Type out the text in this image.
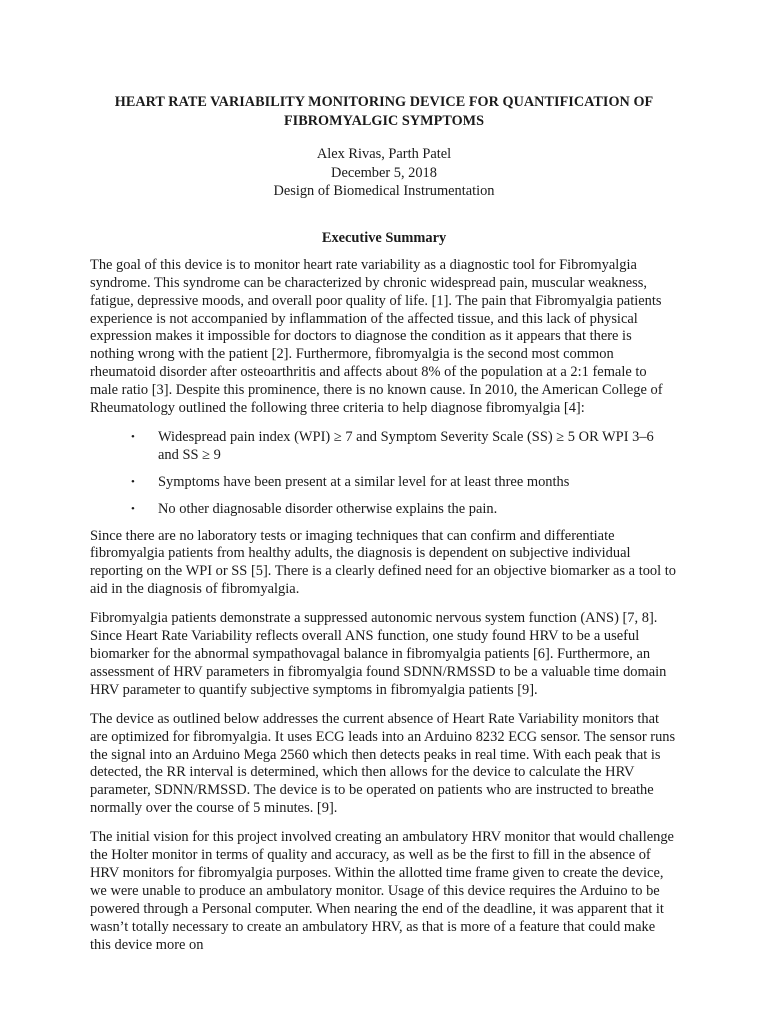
HEART RATE VARIABILITY MONITORING DEVICE FOR QUANTIFICATION OF FIBROMYALGIC SYMPTOMS
Alex Rivas, Parth Patel
December 5, 2018
Design of Biomedical Instrumentation
Executive Summary

The goal of this device is to monitor heart rate variability as a diagnostic tool for Fibromyalgia syndrome. This syndrome can be characterized by chronic widespread pain, muscular weakness, fatigue, depressive moods, and overall poor quality of life. [1]. The pain that Fibromyalgia patients experience is not accompanied by inflammation of the affected tissue, and this lack of physical expression makes it impossible for doctors to diagnose the condition as it appears that there is nothing wrong with the patient [2]. Furthermore, fibromyalgia is the second most common rheumatoid disorder after osteoarthritis and affects about 8% of the population at a 2:1 female to male ratio [3]. Despite this prominence, there is no known cause. In 2010, the American College of Rheumatology outlined the following three criteria to help diagnose fibromyalgia [4]:

• Widespread pain index (WPI) ≥ 7 and Symptom Severity Scale (SS) ≥ 5 OR WPI 3–6 and SS ≥ 9
• Symptoms have been present at a similar level for at least three months
• No other diagnosable disorder otherwise explains the pain.

Since there are no laboratory tests or imaging techniques that can confirm and differentiate fibromyalgia patients from healthy adults, the diagnosis is dependent on subjective individual reporting on the WPI or SS [5]. There is a clearly defined need for an objective biomarker as a tool to aid in the diagnosis of fibromyalgia.

Fibromyalgia patients demonstrate a suppressed autonomic nervous system function (ANS) [7, 8]. Since Heart Rate Variability reflects overall ANS function, one study found HRV to be a useful biomarker for the abnormal sympathovagal balance in fibromyalgia patients [6]. Furthermore, an assessment of HRV parameters in fibromyalgia found SDNN/RMSSD to be a valuable time domain HRV parameter to quantify subjective symptoms in fibromyalgia patients [9].

The device as outlined below addresses the current absence of Heart Rate Variability monitors that are optimized for fibromyalgia. It uses ECG leads into an Arduino 8232 ECG sensor. The sensor runs the signal into an Arduino Mega 2560 which then detects peaks in real time. With each peak that is detected, the RR interval is determined, which then allows for the device to calculate the HRV parameter, SDNN/RMSSD. The device is to be operated on patients who are instructed to breathe normally over the course of 5 minutes. [9].

The initial vision for this project involved creating an ambulatory HRV monitor that would challenge the Holter monitor in terms of quality and accuracy, as well as be the first to fill in the absence of HRV monitors for fibromyalgia purposes. Within the allotted time frame given to create the device, we were unable to produce an ambulatory monitor. Usage of this device requires the Arduino to be powered through a Personal computer. When nearing the end of the deadline, it was apparent that it wasn’t totally necessary to create an ambulatory HRV, as that is more of a feature that could make this device more on
